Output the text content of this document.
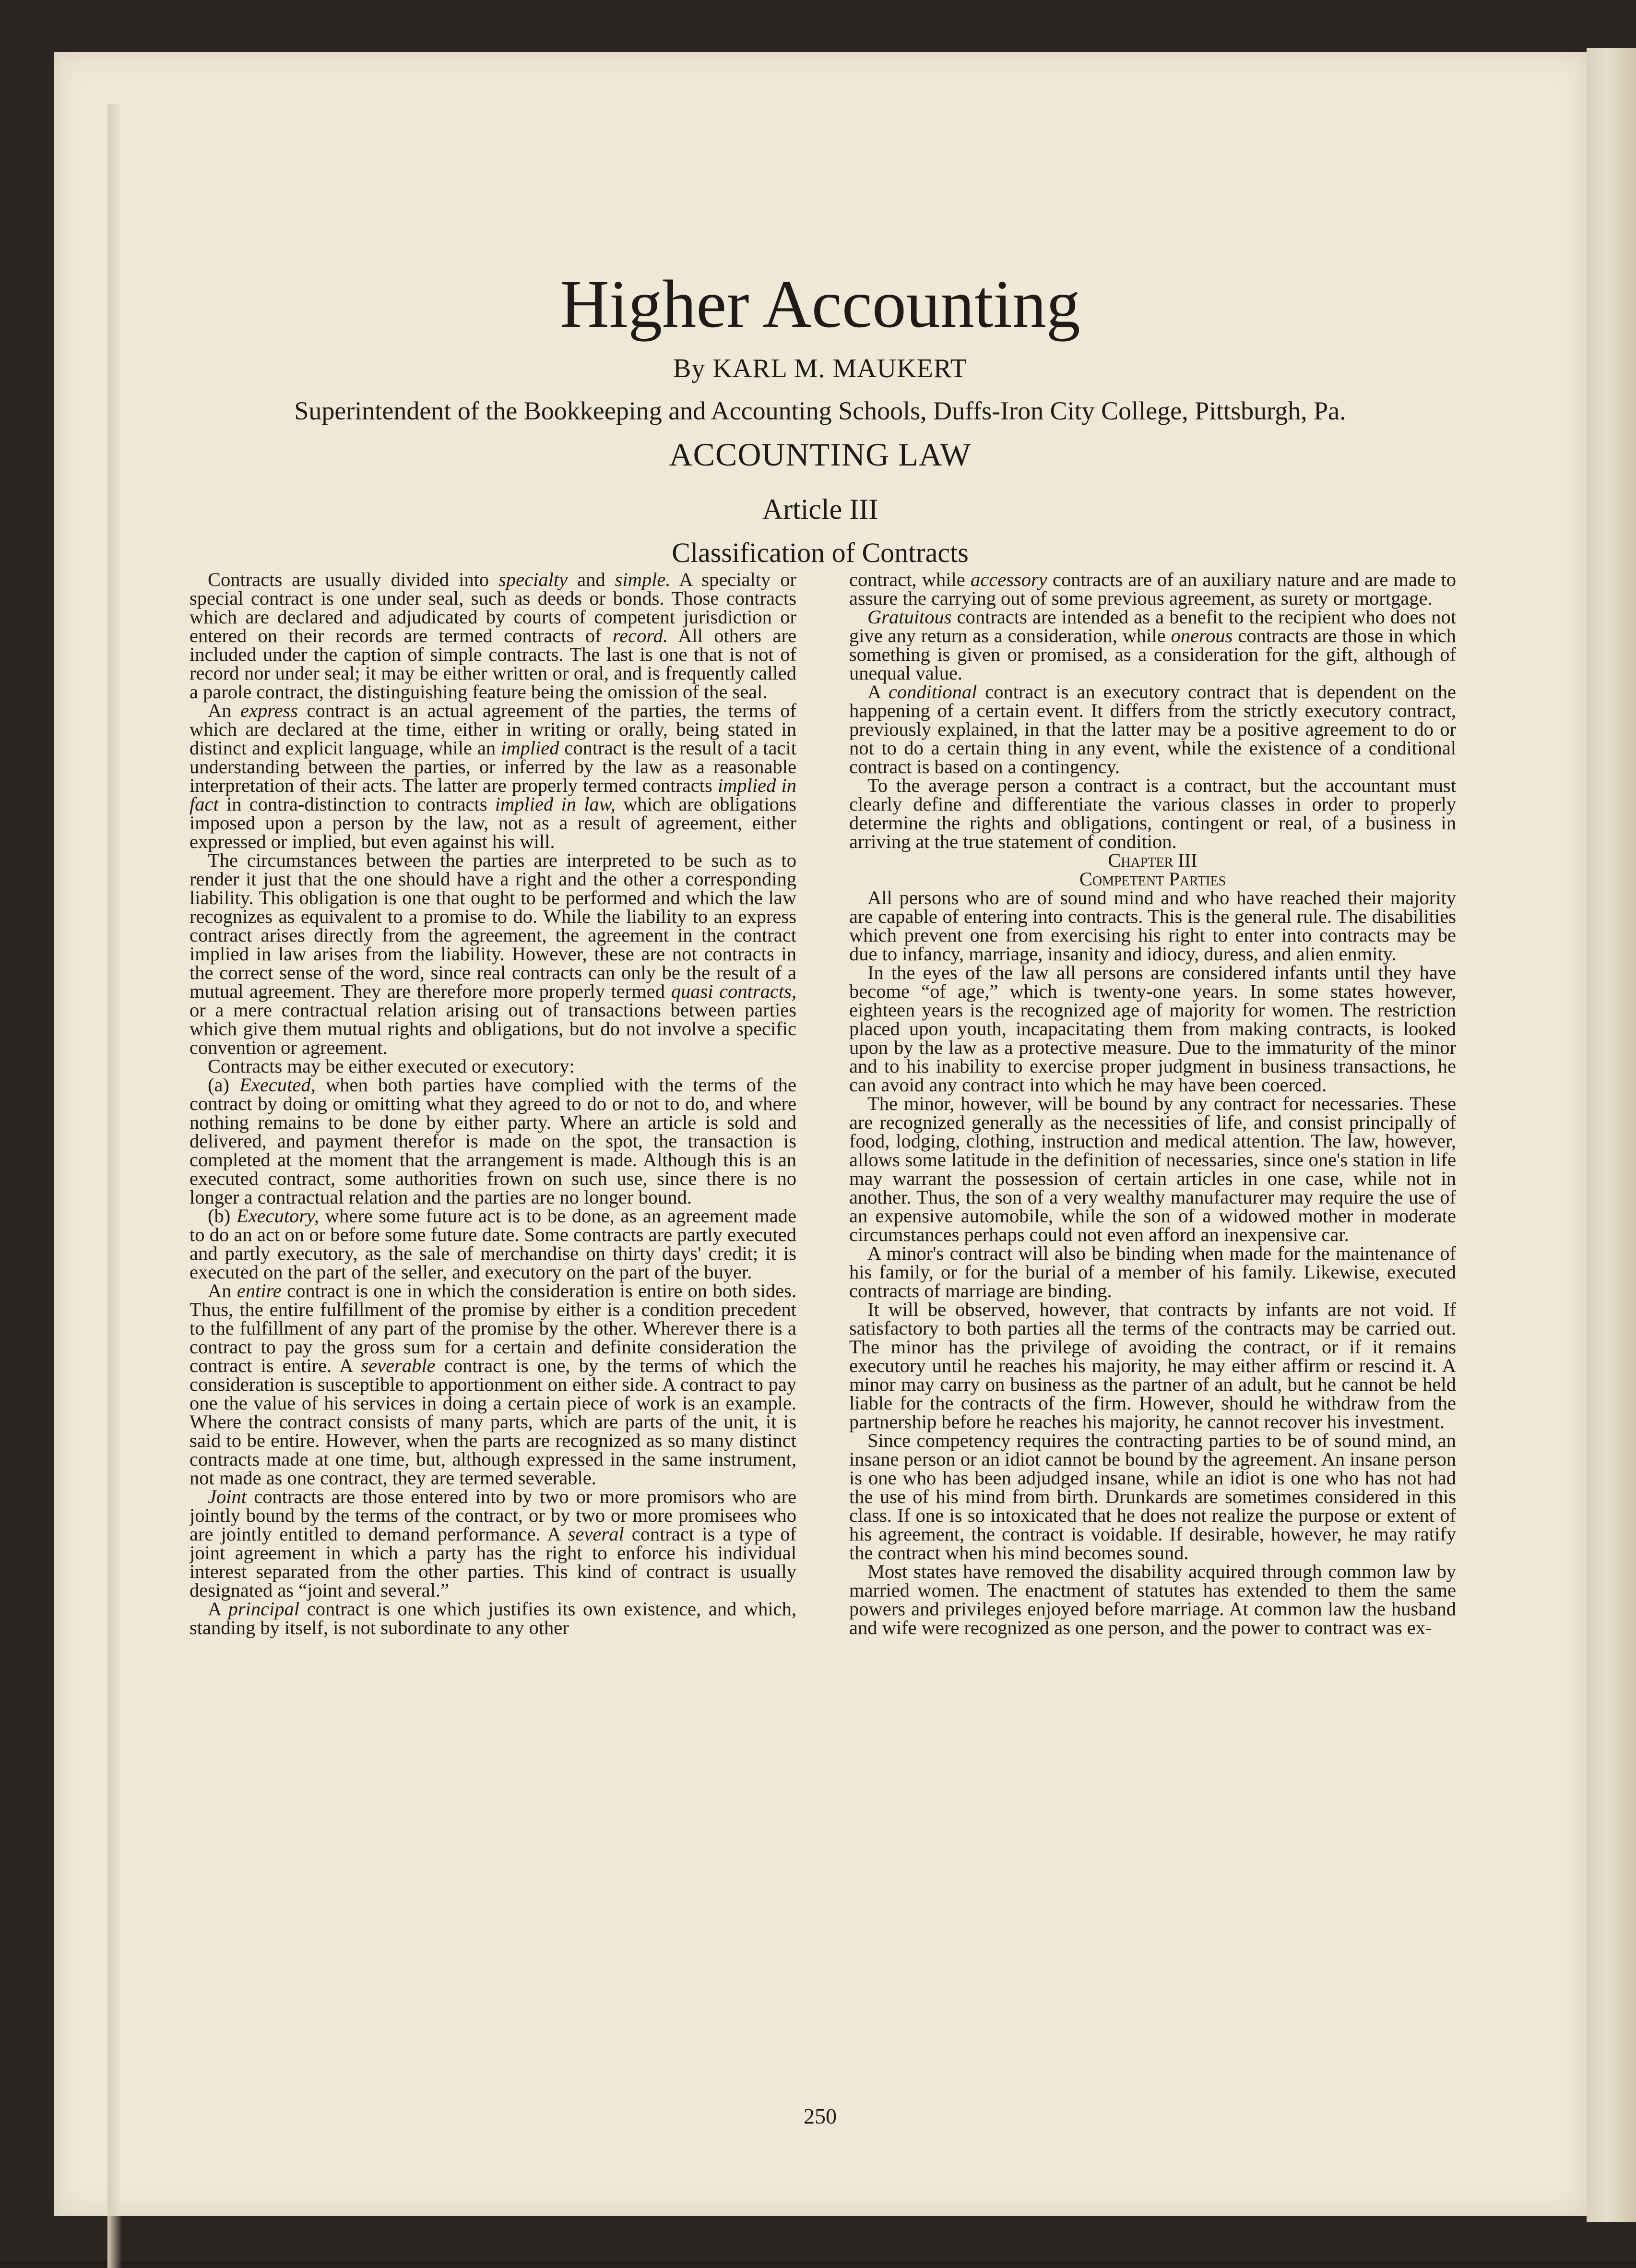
Higher Accounting
By KARL M. MAUKERT
Superintendent of the Bookkeeping and Accounting Schools, Duffs-Iron City College, Pittsburgh, Pa.
ACCOUNTING LAW
Article III
Classification of Contracts

Contracts are usually divided into specialty and simple. A specialty or special contract is one under seal, such as deeds or bonds. Those contracts which are declared and adjudicated by courts of competent jurisdiction or entered on their records are termed contracts of record. All others are included under the caption of simple contracts. The last is one that is not of record nor under seal; it may be either written or oral, and is frequently called a parole contract, the distinguishing feature being the omission of the seal.

An express contract is an actual agreement of the parties, the terms of which are declared at the time, either in writing or orally, being stated in distinct and explicit language, while an implied contract is the result of a tacit understanding between the parties, or inferred by the law as a reasonable interpretation of their acts. The latter are properly termed contracts implied in fact in contra-distinction to contracts implied in law, which are obligations imposed upon a person by the law, not as a result of agreement, either expressed or implied, but even against his will.

The circumstances between the parties are interpreted to be such as to render it just that the one should have a right and the other a corresponding liability. This obligation is one that ought to be performed and which the law recognizes as equivalent to a promise to do. While the liability to an express contract arises directly from the agreement, the agreement in the contract implied in law arises from the liability. However, these are not contracts in the correct sense of the word, since real contracts can only be the result of a mutual agreement. They are therefore more properly termed quasi contracts, or a mere contractual relation arising out of transactions between parties which give them mutual rights and obligations, but do not involve a specific convention or agreement.

Contracts may be either executed or executory:

(a) Executed, when both parties have complied with the terms of the contract by doing or omitting what they agreed to do or not to do, and where nothing remains to be done by either party. Where an article is sold and delivered, and payment therefor is made on the spot, the transaction is completed at the moment that the arrangement is made. Although this is an executed contract, some authorities frown on such use, since there is no longer a contractual relation and the parties are no longer bound.

(b) Executory, where some future act is to be done, as an agreement made to do an act on or before some future date. Some contracts are partly executed and partly executory, as the sale of merchandise on thirty days' credit; it is executed on the part of the seller, and executory on the part of the buyer.

An entire contract is one in which the consideration is entire on both sides. Thus, the entire fulfillment of the promise by either is a condition precedent to the fulfillment of any part of the promise by the other. Wherever there is a contract to pay the gross sum for a certain and definite consideration the contract is entire. A severable contract is one, by the terms of which the consideration is susceptible to apportionment on either side. A contract to pay one the value of his services in doing a certain piece of work is an example. Where the contract consists of many parts, which are parts of the unit, it is said to be entire. However, when the parts are recognized as so many distinct contracts made at one time, but, although expressed in the same instrument, not made as one contract, they are termed severable.

Joint contracts are those entered into by two or more promisors who are jointly bound by the terms of the contract, or by two or more promisees who are jointly entitled to demand performance. A several contract is a type of joint agreement in which a party has the right to enforce his individual interest separated from the other parties. This kind of contract is usually designated as “joint and several.”

A principal contract is one which justifies its own existence, and which, standing by itself, is not subordinate to any other

contract, while accessory contracts are of an auxiliary nature and are made to assure the carrying out of some previous agreement, as surety or mortgage.

Gratuitous contracts are intended as a benefit to the recipient who does not give any return as a consideration, while onerous contracts are those in which something is given or promised, as a consideration for the gift, although of unequal value.

A conditional contract is an executory contract that is dependent on the happening of a certain event. It differs from the strictly executory contract, previously explained, in that the latter may be a positive agreement to do or not to do a certain thing in any event, while the existence of a conditional contract is based on a contingency.

To the average person a contract is a contract, but the accountant must clearly define and differentiate the various classes in order to properly determine the rights and obligations, contingent or real, of a business in arriving at the true statement of condition.

Chapter III

Competent Parties

All persons who are of sound mind and who have reached their majority are capable of entering into contracts. This is the general rule. The disabilities which prevent one from exercising his right to enter into contracts may be due to infancy, marriage, insanity and idiocy, duress, and alien enmity.

In the eyes of the law all persons are considered infants until they have become “of age,” which is twenty-one years. In some states however, eighteen years is the recognized age of majority for women. The restriction placed upon youth, incapacitating them from making contracts, is looked upon by the law as a protective measure. Due to the immaturity of the minor and to his inability to exercise proper judgment in business transactions, he can avoid any contract into which he may have been coerced.

The minor, however, will be bound by any contract for necessaries. These are recognized generally as the necessities of life, and consist principally of food, lodging, clothing, instruction and medical attention. The law, however, allows some latitude in the definition of necessaries, since one's station in life may warrant the possession of certain articles in one case, while not in another. Thus, the son of a very wealthy manufacturer may require the use of an expensive automobile, while the son of a widowed mother in moderate circumstances perhaps could not even afford an inexpensive car.

A minor's contract will also be binding when made for the maintenance of his family, or for the burial of a member of his family. Likewise, executed contracts of marriage are binding.

It will be observed, however, that contracts by infants are not void. If satisfactory to both parties all the terms of the contracts may be carried out. The minor has the privilege of avoiding the contract, or if it remains executory until he reaches his majority, he may either affirm or rescind it. A minor may carry on business as the partner of an adult, but he cannot be held liable for the contracts of the firm. However, should he withdraw from the partnership before he reaches his majority, he cannot recover his investment.

Since competency requires the contracting parties to be of sound mind, an insane person or an idiot cannot be bound by the agreement. An insane person is one who has been adjudged insane, while an idiot is one who has not had the use of his mind from birth. Drunkards are sometimes considered in this class. If one is so intoxicated that he does not realize the purpose or extent of his agreement, the contract is voidable. If desirable, however, he may ratify the contract when his mind becomes sound.

Most states have removed the disability acquired through common law by married women. The enactment of statutes has extended to them the same powers and privileges enjoyed before marriage. At common law the husband and wife were recognized as one person, and the power to contract was ex-

250
